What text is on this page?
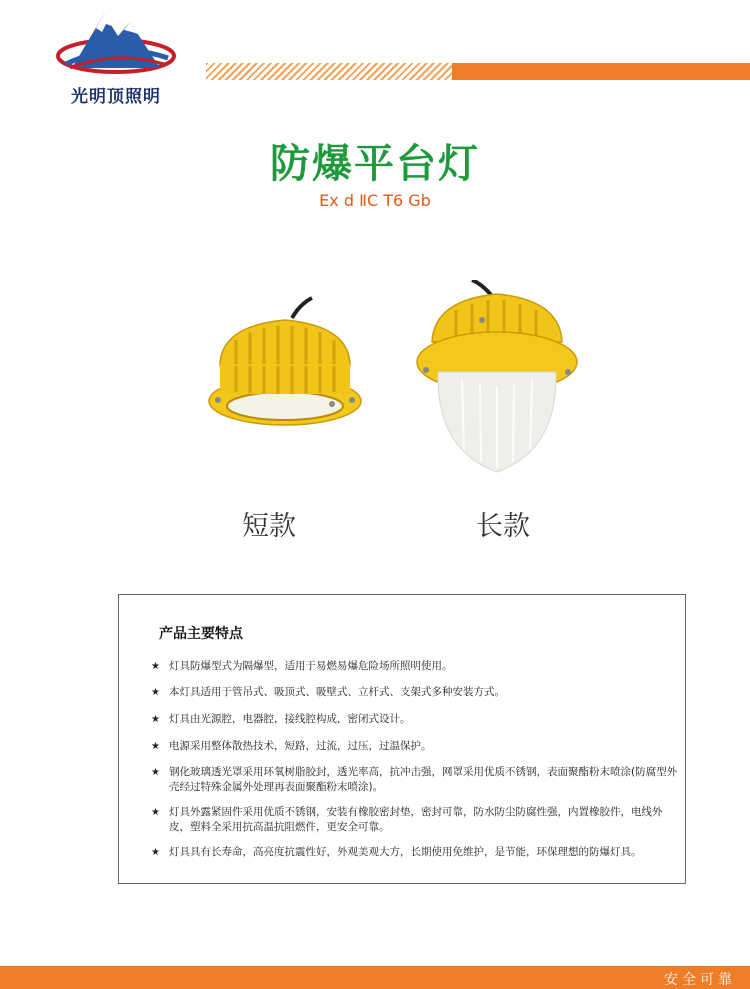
光明顶照明
防爆平台灯
Ex d ⅡC T6 Gb
短款	长款
产品主要特点
★ 灯具防爆型式为隔爆型，适用于易燃易爆危险场所照明使用。
★ 本灯具适用于管吊式、吸顶式、吸壁式、立杆式、支架式多种安装方式。
★ 灯具由光源腔，电器腔，接线腔构成，密闭式设计。
★ 电源采用整体散热技术，短路，过流，过压，过温保护。
★ 钢化玻璃透光罩采用环氧树脂胶封，透光率高，抗冲击强，网罩采用优质不锈钢，表面聚酯粉末喷涂(防腐型外壳经过特殊金属外处理再表面聚酯粉末喷涂)。
★ 灯具外露紧固件采用优质不锈钢，安装有橡胶密封垫，密封可靠，防水防尘防腐性强，内置橡胶件，电线外皮，塑料全采用抗高温抗阻燃件，更安全可靠。
★ 灯具具有长寿命，高亮度抗震性好，外观美观大方，长期使用免维护，是节能，环保理想的防爆灯具。
安全可靠
